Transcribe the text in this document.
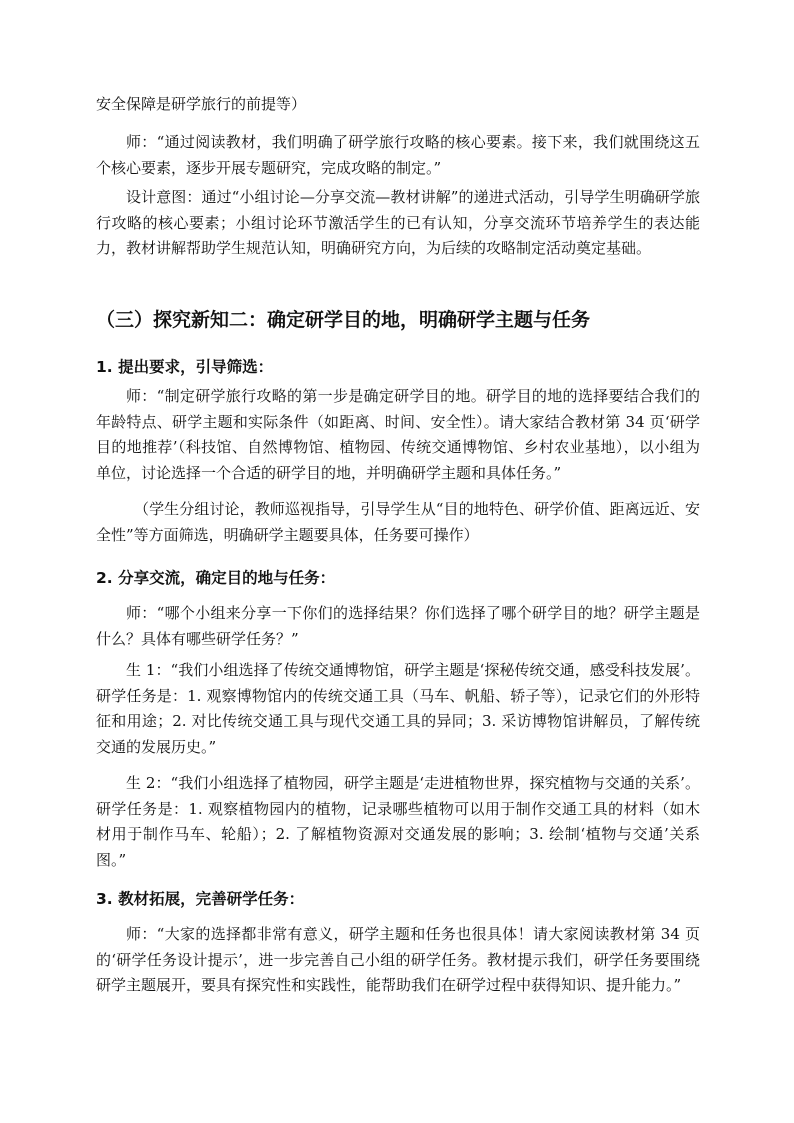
安全保障是研学旅行的前提等）

师：“通过阅读教材，我们明确了研学旅行攻略的核心要素。接下来，我们就围绕这五个核心要素，逐步开展专题研究，完成攻略的制定。”

设计意图：通过“小组讨论—分享交流—教材讲解”的递进式活动，引导学生明确研学旅行攻略的核心要素；小组讨论环节激活学生的已有认知，分享交流环节培养学生的表达能力，教材讲解帮助学生规范认知，明确研究方向，为后续的攻略制定活动奠定基础。

（三）探究新知二：确定研学目的地，明确研学主题与任务
1. 提出要求，引导筛选：

师：“制定研学旅行攻略的第一步是确定研学目的地。研学目的地的选择要结合我们的年龄特点、研学主题和实际条件（如距离、时间、安全性）。请大家结合教材第 34 页‘研学目的地推荐’（科技馆、自然博物馆、植物园、传统交通博物馆、乡村农业基地），以小组为单位，讨论选择一个合适的研学目的地，并明确研学主题和具体任务。”

（学生分组讨论，教师巡视指导，引导学生从“目的地特色、研学价值、距离远近、安全性”等方面筛选，明确研学主题要具体，任务要可操作）

2. 分享交流，确定目的地与任务：

师：“哪个小组来分享一下你们的选择结果？你们选择了哪个研学目的地？研学主题是什么？具体有哪些研学任务？”

生 1：“我们小组选择了传统交通博物馆，研学主题是‘探秘传统交通，感受科技发展’。研学任务是：1. 观察博物馆内的传统交通工具（马车、帆船、轿子等），记录它们的外形特征和用途；2. 对比传统交通工具与现代交通工具的异同；3. 采访博物馆讲解员，了解传统交通的发展历史。”

生 2：“我们小组选择了植物园，研学主题是‘走进植物世界，探究植物与交通的关系’。研学任务是：1. 观察植物园内的植物，记录哪些植物可以用于制作交通工具的材料（如木材用于制作马车、轮船）；2. 了解植物资源对交通发展的影响；3. 绘制‘植物与交通’关系图。”

3. 教材拓展，完善研学任务：

师：“大家的选择都非常有意义，研学主题和任务也很具体！请大家阅读教材第 34 页的‘研学任务设计提示’，进一步完善自己小组的研学任务。教材提示我们，研学任务要围绕研学主题展开，要具有探究性和实践性，能帮助我们在研学过程中获得知识、提升能力。”
